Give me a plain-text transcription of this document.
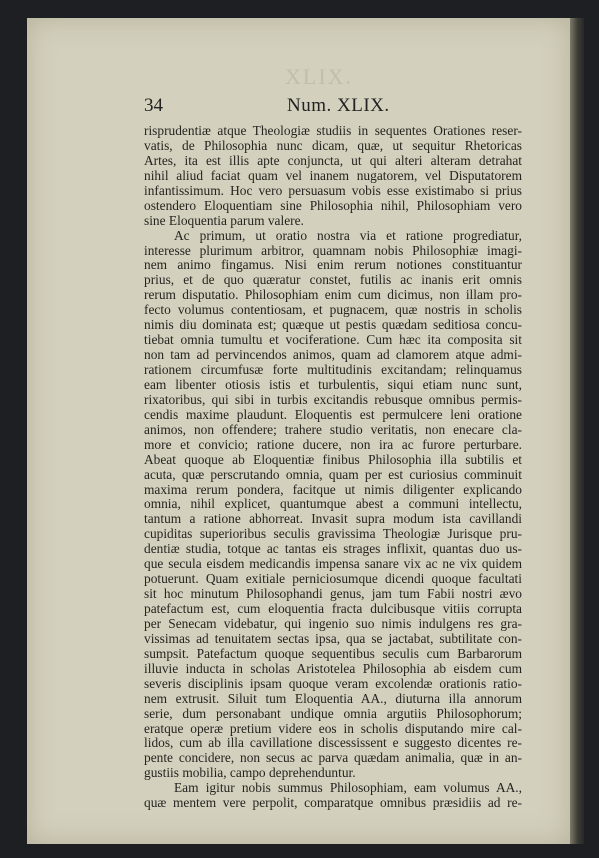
XLIX.
34	Num. XLIX.
risprudentiæ atque Theologiæ studiis in sequentes Orationes reser-
vatis, de Philosophia nunc dicam, quæ, ut sequitur Rhetoricas
Artes, ita est illis apte conjuncta, ut qui alteri alteram detrahat
nihil aliud faciat quam vel inanem nugatorem, vel Disputatorem
infantissimum. Hoc vero persuasum vobis esse existimabo si prius
ostendero Eloquentiam sine Philosophia nihil, Philosophiam vero
sine Eloquentia parum valere.
Ac primum, ut oratio nostra via et ratione progrediatur,
interesse plurimum arbitror, quamnam nobis Philosophiæ imagi-
nem animo fingamus. Nisi enim rerum notiones constituantur
prius, et de quo quæratur constet, futilis ac inanis erit omnis
rerum disputatio. Philosophiam enim cum dicimus, non illam pro-
fecto volumus contentiosam, et pugnacem, quæ nostris in scholis
nimis diu dominata est; quæque ut pestis quædam seditiosa concu-
tiebat omnia tumultu et vociferatione. Cum hæc ita composita sit
non tam ad pervincendos animos, quam ad clamorem atque admi-
rationem circumfusæ forte multitudinis excitandam; relinquamus
eam libenter otiosis istis et turbulentis, siqui etiam nunc sunt,
rixatoribus, qui sibi in turbis excitandis rebusque omnibus permis-
cendis maxime plaudunt. Eloquentis est permulcere leni oratione
animos, non offendere; trahere studio veritatis, non enecare cla-
more et convicio; ratione ducere, non ira ac furore perturbare.
Abeat quoque ab Eloquentiæ finibus Philosophia illa subtilis et
acuta, quæ perscrutando omnia, quam per est curiosius comminuit
maxima rerum pondera, facitque ut nimis diligenter explicando
omnia, nihil explicet, quantumque abest a communi intellectu,
tantum a ratione abhorreat. Invasit supra modum ista cavillandi
cupiditas superioribus seculis gravissima Theologiæ Jurisque pru-
dentiæ studia, totque ac tantas eis strages inflixit, quantas duo us-
que secula eisdem medicandis impensa sanare vix ac ne vix quidem
potuerunt. Quam exitiale perniciosumque dicendi quoque facultati
sit hoc minutum Philosophandi genus, jam tum Fabii nostri ævo
patefactum est, cum eloquentia fracta dulcibusque vitiis corrupta
per Senecam videbatur, qui ingenio suo nimis indulgens res gra-
vissimas ad tenuitatem sectas ipsa, qua se jactabat, subtilitate con-
sumpsit. Patefactum quoque sequentibus seculis cum Barbarorum
illuvie inducta in scholas Aristotelea Philosophia ab eisdem cum
severis disciplinis ipsam quoque veram excolendæ orationis ratio-
nem extrusit. Siluit tum Eloquentia AA., diuturna illa annorum
serie, dum personabant undique omnia argutiis Philosophorum;
eratque operæ pretium videre eos in scholis disputando mire cal-
lidos, cum ab illa cavillatione discessissent e suggesto dicentes re-
pente concidere, non secus ac parva quædam animalia, quæ in an-
gustiis mobilia, campo deprehenduntur.
Eam igitur nobis summus Philosophiam, eam volumus AA.,
quæ mentem vere perpolit, comparatque omnibus præsidiis ad re-
